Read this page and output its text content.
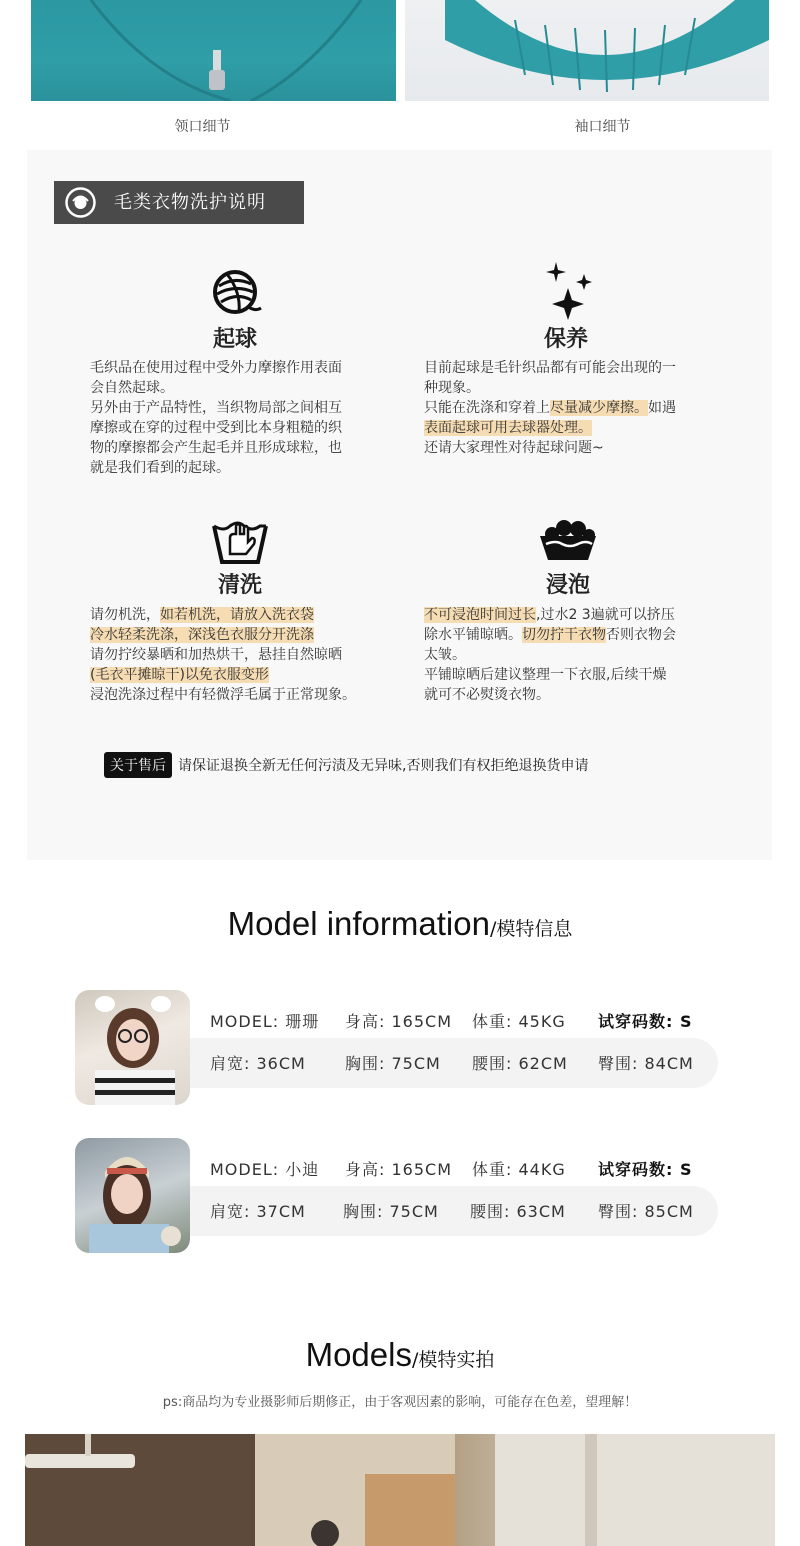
领口细节	袖口细节
毛类衣物洗护说明
起球
毛织品在使用过程中受外力摩擦作用表面
会自然起球。
另外由于产品特性，当织物局部之间相互
摩擦或在穿的过程中受到比本身粗糙的织
物的摩擦都会产生起毛并且形成球粒，也
就是我们看到的起球。
保养
目前起球是毛针织品都有可能会出现的一
种现象。
只能在洗涤和穿着上尽量减少摩擦。如遇
表面起球可用去球器处理。
还请大家理性对待起球问题~
清洗
请勿机洗，如若机洗，请放入洗衣袋
冷水轻柔洗涤，深浅色衣服分开洗涤
请勿拧绞暴晒和加热烘干，悬挂自然晾晒
(毛衣平摊晾干)以免衣服变形
浸泡洗涤过程中有轻微浮毛属于正常现象。
浸泡
不可浸泡时间过长,过水2 3遍就可以挤压
除水平铺晾晒。切勿拧干衣物否则衣物会
太皱。
平铺晾晒后建议整理一下衣服,后续干燥
就可不必熨烫衣物。
关于售后 请保证退换全新无任何污渍及无异味,否则我们有权拒绝退换货申请
Model information/模特信息
MODEL: 珊珊 身高: 165CM 体重: 45KG 试穿码数: S
肩宽: 36CM 胸围: 75CM 腰围: 62CM 臀围: 84CM
MODEL: 小迪 身高: 165CM 体重: 44KG 试穿码数: S
肩宽: 37CM 胸围: 75CM 腰围: 63CM 臀围: 85CM
Models/模特实拍
ps:商品均为专业摄影师后期修正，由于客观因素的影响，可能存在色差，望理解！
